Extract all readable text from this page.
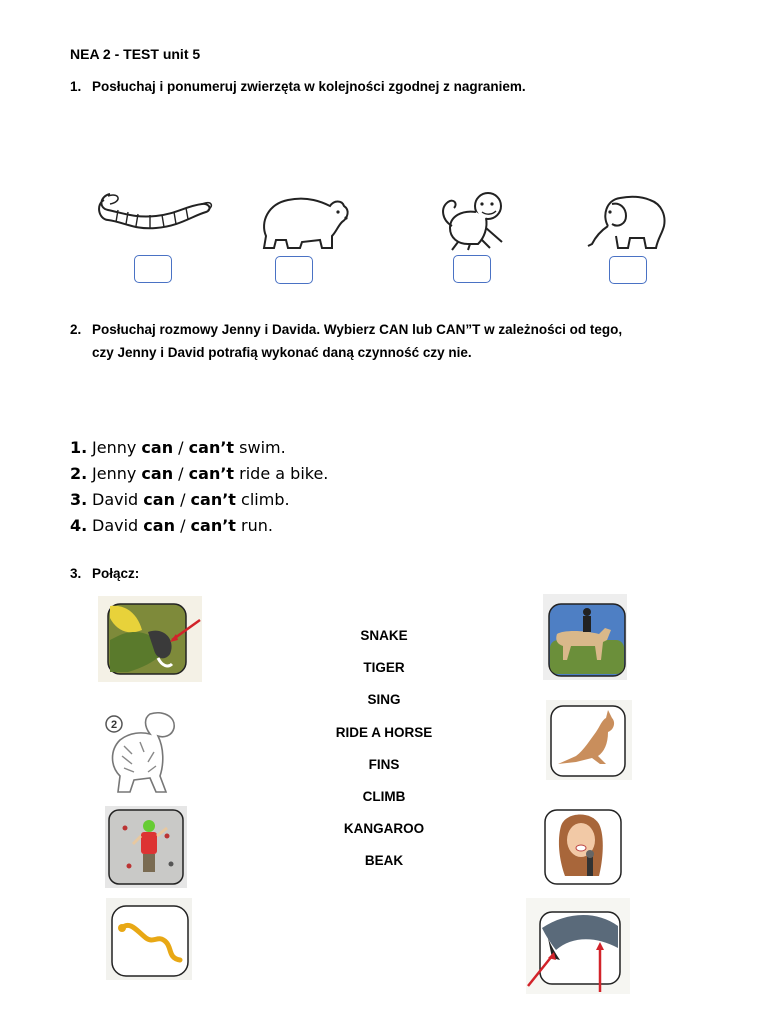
NEA 2 - TEST unit 5
1. Posłuchaj i ponumeruj zwierzęta w kolejności zgodnej z nagraniem.
2. Posłuchaj rozmowy Jenny i Davida. Wybierz CAN lub CAN”T w zależności od tego,
czy Jenny i David potrafią wykonać daną czynność czy nie.
1. Jenny can / can’t swim.
2. Jenny can / can’t ride a bike.
3. David can / can’t climb.
4. David can / can’t run.
3. Połącz:
SNAKE
TIGER
SING
RIDE A HORSE
FINS
CLIMB
KANGAROO
BEAK
2
